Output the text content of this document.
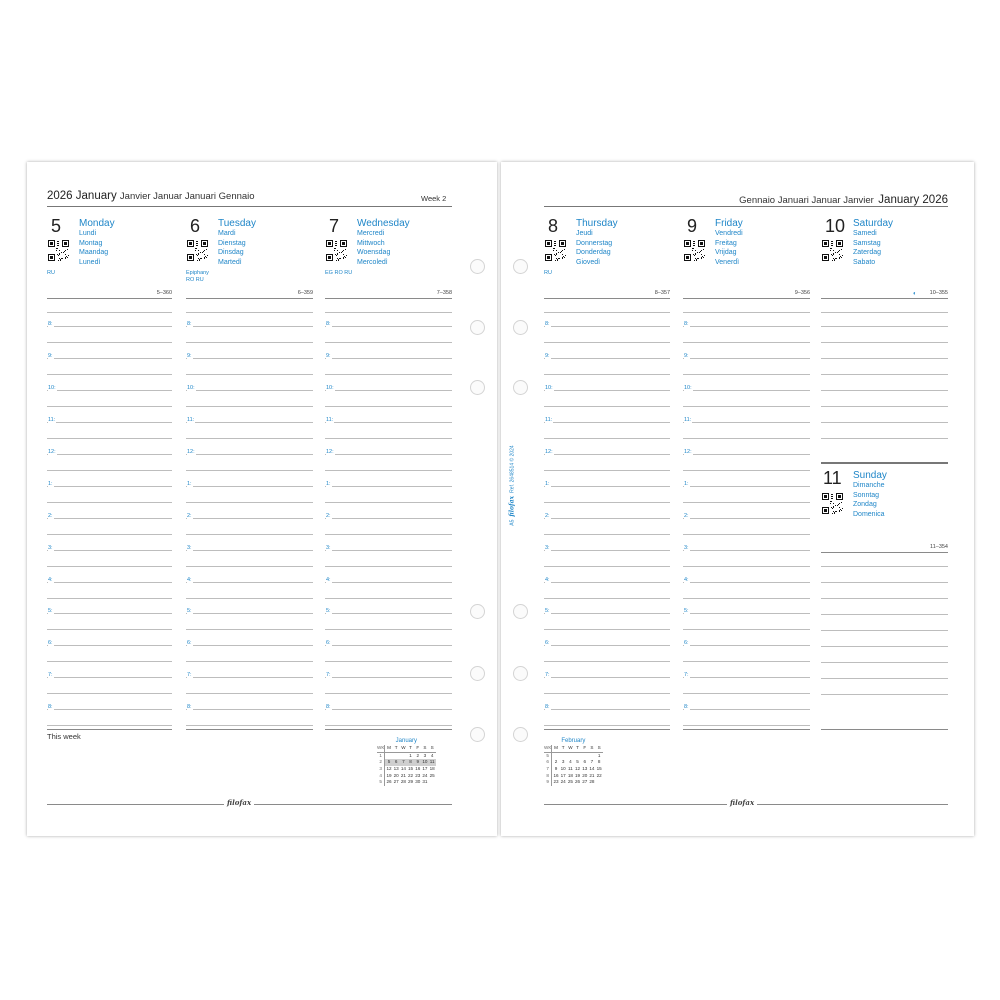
2026 January Janvier Januar Januari Gennaio	Week 2
This week	January
WK	M	T	W	T	F	S	S
1				1	2	3	4
2	5	6	7	8	9	10	11
3	12	13	14	15	16	17	18
4	19	20	21	22	23	24	25
5	26	27	28	29	30	31	
filofax
5 Monday
Lundi
Montag
Maandag
Lunedì
RU
5–360
8:
9:
10:
11:
12:
1:
2:
3:
4:
5:
6:
7:
8:
6 Tuesday
Mardi
Dienstag
Dinsdag
Martedì
Epiphany
RO RU
6–359
8:
9:
10:
11:
12:
1:
2:
3:
4:
5:
6:
7:
8:
7 Wednesday
Mercredi
Mittwoch
Woensdag
Mercoledì
EG RO RU
7–358
8:
9:
10:
11:
12:
1:
2:
3:
4:
5:
6:
7:
8:
Gennaio Januari Januar Janvier January 2026
A5filofaxRef. 2648514 © 2024
February
WK	M	T	W	T	F	S	S
5							1
6	2	3	4	5	6	7	8
7	9	10	11	12	13	14	15
8	16	17	18	19	20	21	22
9	23	24	25	26	27	28	
filofax
8 Thursday
Jeudi
Donnerstag
Donderdag
Giovedì
RU
8–357
8:
9:
10:
11:
12:
1:
2:
3:
4:
5:
6:
7:
8:
9 Friday
Vendredi
Freitag
Vrijdag
Venerdì
9–356
8:
9:
10:
11:
12:
1:
2:
3:
4:
5:
6:
7:
8:
10 Saturday
Samedi
Samstag
Zaterdag
Sabato
10–355
◐
11 Sunday
Dimanche
Sonntag
Zondag
Domenica
11–354
